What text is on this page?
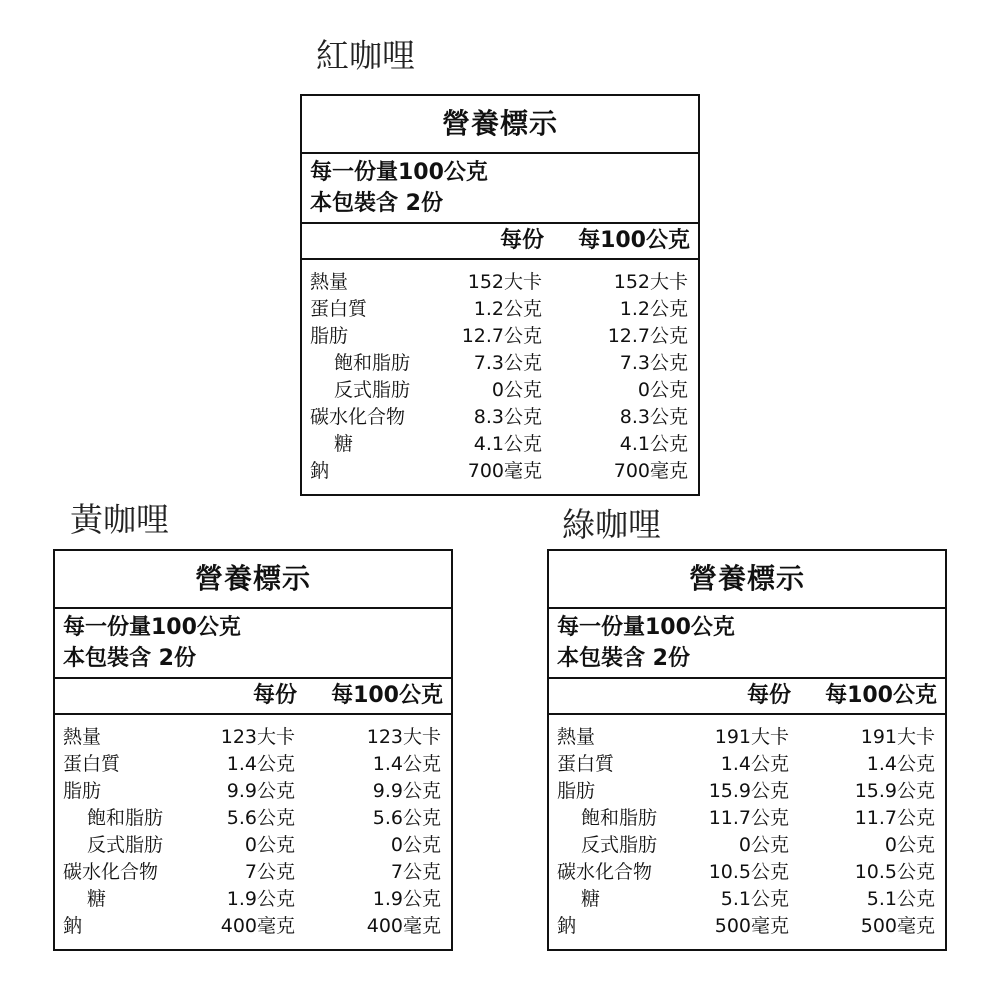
紅咖哩
營養標示
每一份量100公克
本包裝含 2份
每份 每100公克
熱量	152大卡	152大卡
蛋白質	1.2公克	1.2公克
脂肪	12.7公克	12.7公克
飽和脂肪	7.3公克	7.3公克
反式脂肪	0公克	0公克
碳水化合物	8.3公克	8.3公克
糖	4.1公克	4.1公克
鈉	700毫克	700毫克
黃咖哩
營養標示
每一份量100公克
本包裝含 2份
每份 每100公克
熱量	123大卡	123大卡
蛋白質	1.4公克	1.4公克
脂肪	9.9公克	9.9公克
飽和脂肪	5.6公克	5.6公克
反式脂肪	0公克	0公克
碳水化合物	7公克	7公克
糖	1.9公克	1.9公克
鈉	400毫克	400毫克
綠咖哩
營養標示
每一份量100公克
本包裝含 2份
每份 每100公克
熱量	191大卡	191大卡
蛋白質	1.4公克	1.4公克
脂肪	15.9公克	15.9公克
飽和脂肪	11.7公克	11.7公克
反式脂肪	0公克	0公克
碳水化合物	10.5公克	10.5公克
糖	5.1公克	5.1公克
鈉	500毫克	500毫克
